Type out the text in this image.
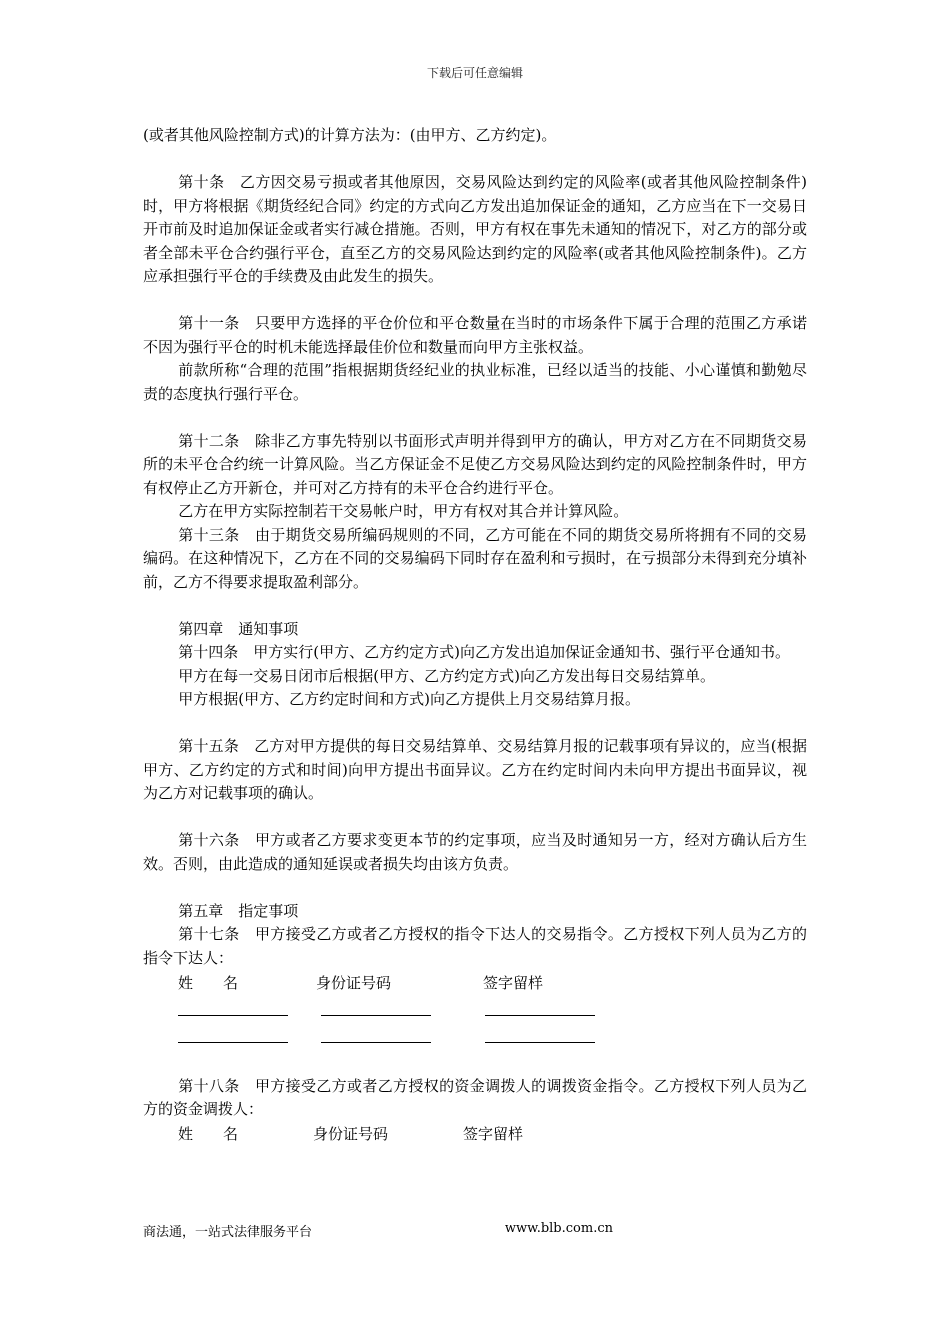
下载后可任意编辑

(或者其他风险控制方式)的计算方法为：(由甲方、乙方约定)。

第十条　乙方因交易亏损或者其他原因，交易风险达到约定的风险率(或者其他风险控制条件)时，甲方将根据《期货经纪合同》约定的方式向乙方发出追加保证金的通知，乙方应当在下一交易日开市前及时追加保证金或者实行减仓措施。否则，甲方有权在事先未通知的情况下，对乙方的部分或者全部未平仓合约强行平仓，直至乙方的交易风险达到约定的风险率(或者其他风险控制条件)。乙方应承担强行平仓的手续费及由此发生的损失。

第十一条　只要甲方选择的平仓价位和平仓数量在当时的市场条件下属于合理的范围乙方承诺不因为强行平仓的时机未能选择最佳价位和数量而向甲方主张权益。

前款所称“合理的范围”指根据期货经纪业的执业标准，已经以适当的技能、小心谨慎和勤勉尽责的态度执行强行平仓。

第十二条　除非乙方事先特别以书面形式声明并得到甲方的确认，甲方对乙方在不同期货交易所的未平仓合约统一计算风险。当乙方保证金不足使乙方交易风险达到约定的风险控制条件时，甲方有权停止乙方开新仓，并可对乙方持有的未平仓合约进行平仓。

乙方在甲方实际控制若干交易帐户时，甲方有权对其合并计算风险。

第十三条　由于期货交易所编码规则的不同，乙方可能在不同的期货交易所将拥有不同的交易编码。在这种情况下，乙方在不同的交易编码下同时存在盈利和亏损时，在亏损部分未得到充分填补前，乙方不得要求提取盈利部分。

第四章　通知事项

第十四条　甲方实行(甲方、乙方约定方式)向乙方发出追加保证金通知书、强行平仓通知书。

甲方在每一交易日闭市后根据(甲方、乙方约定方式)向乙方发出每日交易结算单。

甲方根据(甲方、乙方约定时间和方式)向乙方提供上月交易结算月报。

第十五条　乙方对甲方提供的每日交易结算单、交易结算月报的记载事项有异议的，应当(根据甲方、乙方约定的方式和时间)向甲方提出书面异议。乙方在约定时间内未向甲方提出书面异议，视为乙方对记载事项的确认。

第十六条　甲方或者乙方要求变更本节的约定事项，应当及时通知另一方，经对方确认后方生效。否则，由此造成的通知延误或者损失均由该方负责。

第五章　指定事项

第十七条　甲方接受乙方或者乙方授权的指令下达人的交易指令。乙方授权下列人员为乙方的指令下达人：

姓　　名	身份证号码	签字留样

第十八条　甲方接受乙方或者乙方授权的资金调拨人的调拨资金指令。乙方授权下列人员为乙方的资金调拨人：

姓　　名	身份证号码	签字留样
商法通，一站式法律服务平台	www.blb.com.cn
